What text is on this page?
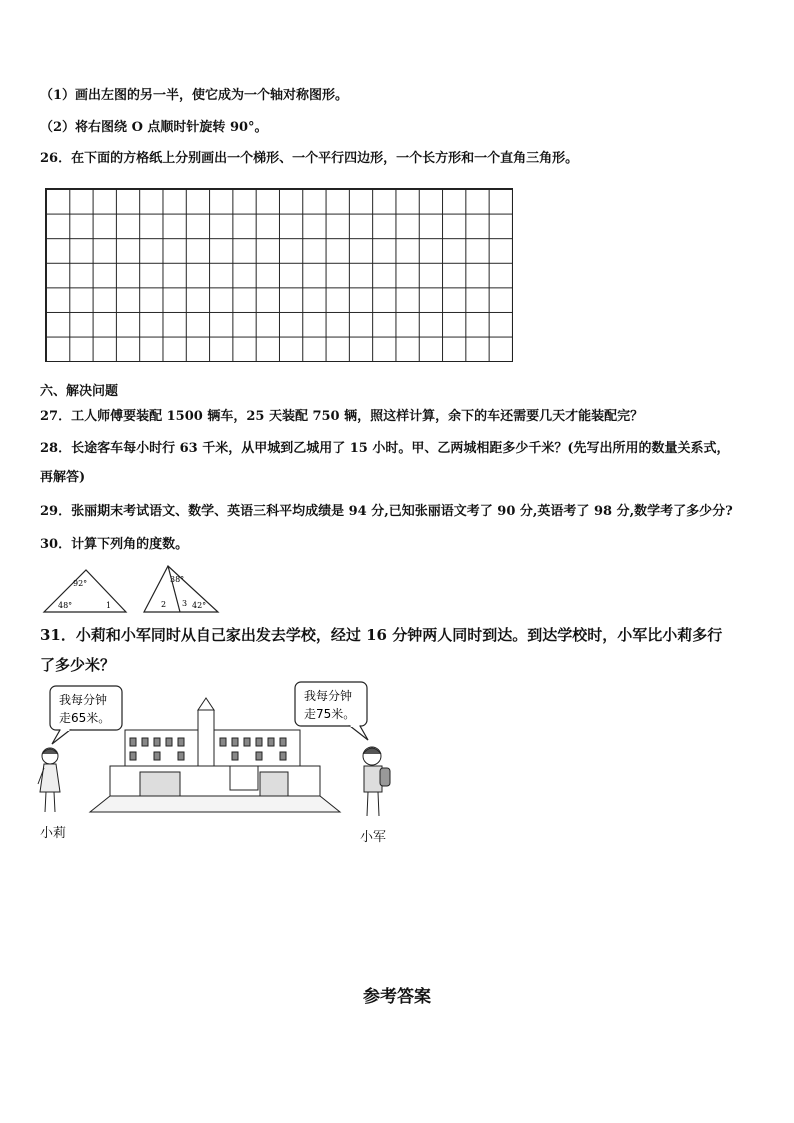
（1）画出左图的另一半，使它成为一个轴对称图形。
（2）将右图绕 O 点顺时针旋转 90°。
26．在下面的方格纸上分别画出一个梯形、一个平行四边形，一个长方形和一个直角三角形。
六、解决问题
27．工人师傅要装配 1500 辆车，25 天装配 750 辆，照这样计算，余下的车还需要几天才能装配完？
28．长途客车每小时行 63 千米，从甲城到乙城用了 15 小时。甲、乙两城相距多少千米？(先写出所用的数量关系式，
再解答)
29．张丽期末考试语文、数学、英语三科平均成绩是 94 分,已知张丽语文考了 90 分,英语考了 98 分,数学考了多少分?
30．计算下列角的度数。
92°
48°	1
38°
2 3 42°
31．小莉和小军同时从自己家出发去学校，经过 16 分钟两人同时到达。到达学校时，小军比小莉多行
了多少米？
我每分钟
走65米。
我每分钟
走75米。
小莉	小军
参考答案
